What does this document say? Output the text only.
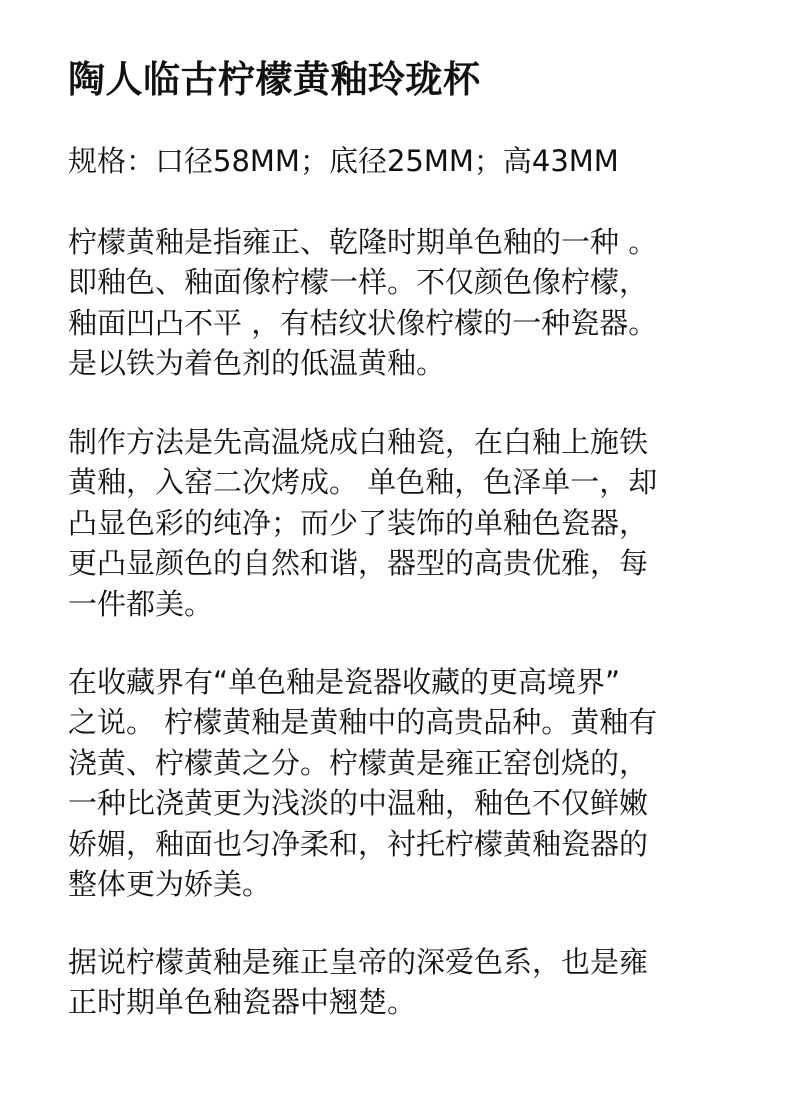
陶人临古柠檬黄釉玲珑杯

规格：口径58MM；底径25MM；高43MM

柠檬黄釉是指雍正、乾隆时期单色釉的一种 。
即釉色、釉面像柠檬一样。不仅颜色像柠檬，
釉面凹凸不平 ，有桔纹状像柠檬的一种瓷器。
是以铁为着色剂的低温黄釉。

制作方法是先高温烧成白釉瓷，在白釉上施铁
黄釉，入窑二次烤成。 单色釉，色泽单一，却
凸显色彩的纯净；而少了装饰的单釉色瓷器，
更凸显颜色的自然和谐，器型的高贵优雅，每
一件都美。

在收藏界有“单色釉是瓷器收藏的更高境界”
之说。 柠檬黄釉是黄釉中的高贵品种。黄釉有
浇黄、柠檬黄之分。柠檬黄是雍正窑创烧的，
一种比浇黄更为浅淡的中温釉，釉色不仅鲜嫩
娇媚，釉面也匀净柔和，衬托柠檬黄釉瓷器的
整体更为娇美。

据说柠檬黄釉是雍正皇帝的深爱色系，也是雍
正时期单色釉瓷器中翘楚。
